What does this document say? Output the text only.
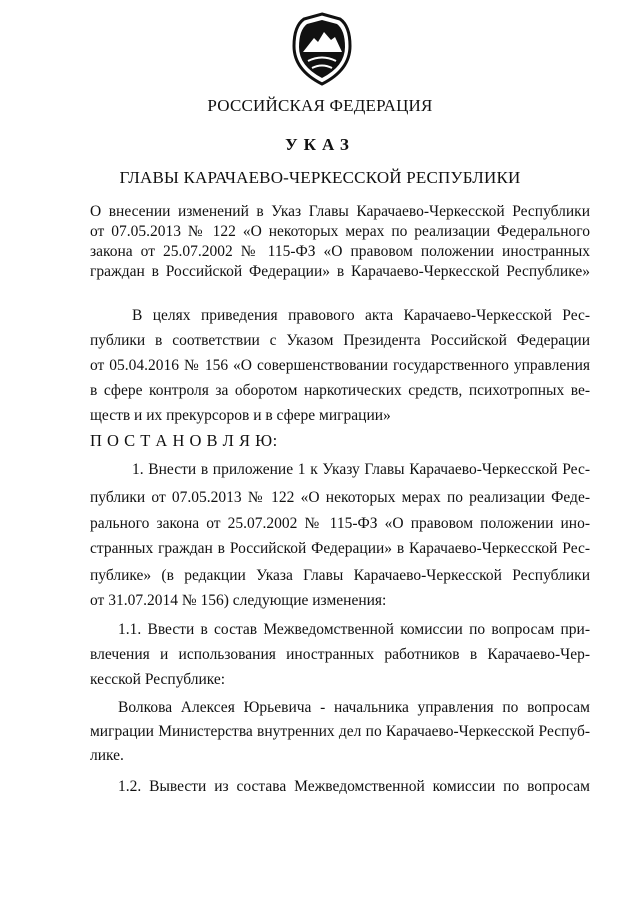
РОССИЙСКАЯ ФЕДЕРАЦИЯ
УКАЗ
ГЛАВЫ КАРАЧАЕВО-ЧЕРКЕССКОЙ РЕСПУБЛИКИ
О внесении изменений в Указ Главы Карачаево-Черкесской Республики
от 07.05.2013 № 122 «О некоторых мерах по реализации Федерального
закона от 25.07.2002 № 115-ФЗ «О правовом положении иностранных
граждан в Российской Федерации» в Карачаево-Черкесской Республике»
В целях приведения правового акта Карачаево-Черкесской Рес-
публики в соответствии с Указом Президента Российской Федерации
от 05.04.2016 № 156 «О совершенствовании государственного управления
в сфере контроля за оборотом наркотических средств, психотропных ве-
ществ и их прекурсоров и в сфере миграции»
П О С Т А Н О В Л Я Ю:
1. Внести в приложение 1 к Указу Главы Карачаево-Черкесской Рес-
публики от 07.05.2013 № 122 «О некоторых мерах по реализации Феде-
рального закона от 25.07.2002 № 115-ФЗ «О правовом положении ино-
странных граждан в Российской Федерации» в Карачаево-Черкесской Рес-
публике» (в редакции Указа Главы Карачаево-Черкесской Республики
от 31.07.2014 № 156) следующие изменения:
1.1. Ввести в состав Межведомственной комиссии по вопросам при-
влечения и использования иностранных работников в Карачаево-Чер-
кесской Республике:
Волкова Алексея Юрьевича - начальника управления по вопросам
миграции Министерства внутренних дел по Карачаево-Черкесской Респуб-
лике.
1.2. Вывести из состава Межведомственной комиссии по вопросам
